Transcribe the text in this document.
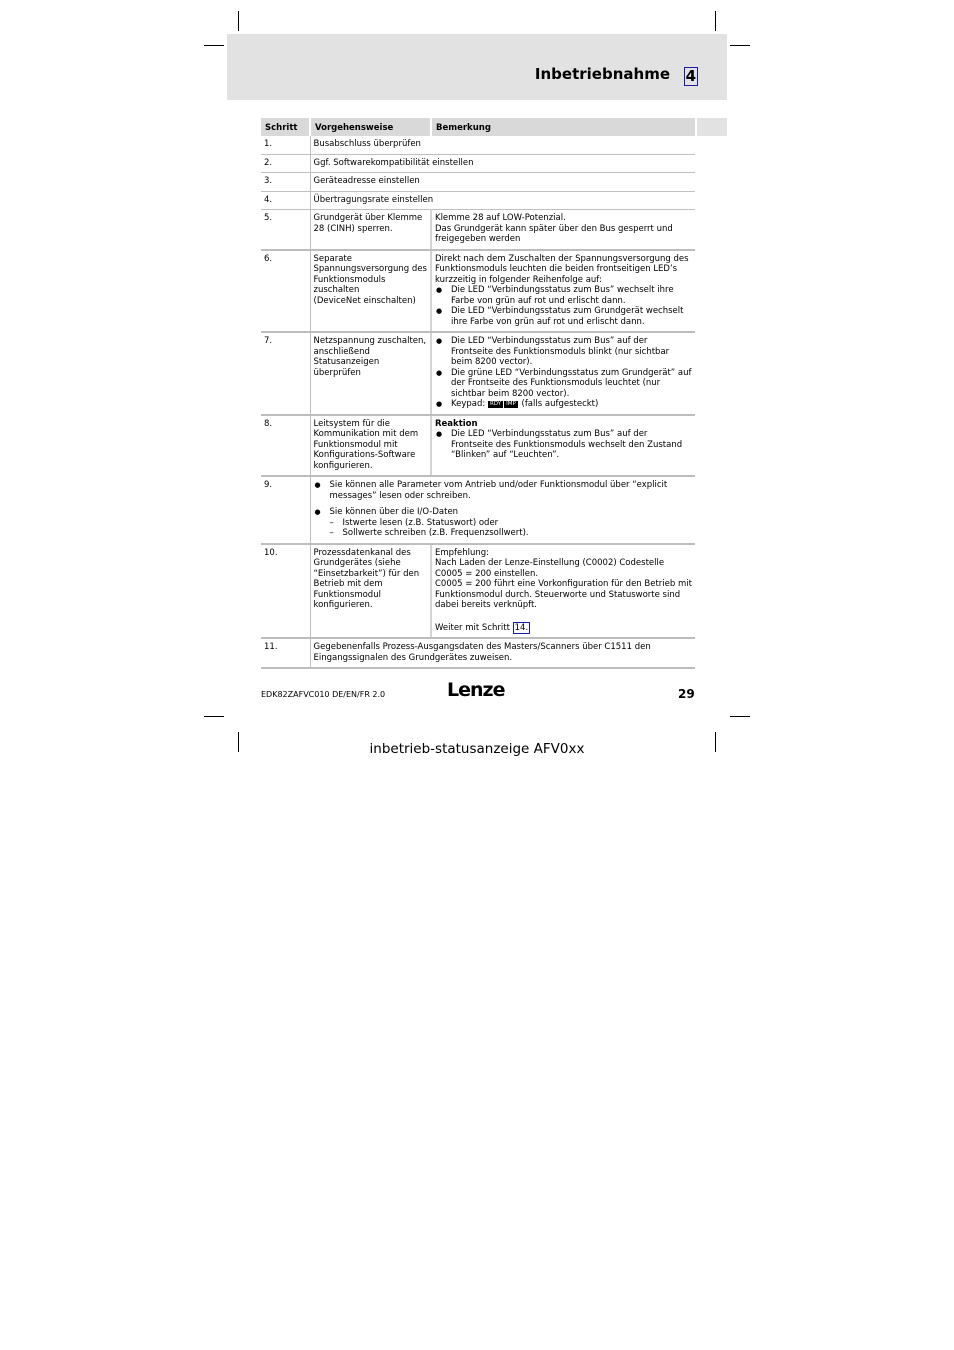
Inbetriebnahme 4
Schritt	Vorgehensweise	Bemerkung
1.	Busabschluss überprüfen	
2.	Ggf. Softwarekompatibilität einstellen	
3.	Geräteadresse einstellen	
4.	Übertragungsrate einstellen	
5.	Grundgerät über Klemme 28 (CINH) sperren.	Klemme 28 auf LOW-Potenzial.
Das Grundgerät kann später über den Bus gesperrt und freigegeben werden

6.	Separate Spannungsversorgung des Funktionsmoduls zuschalten
(DeviceNet einschalten)	Direkt nach dem Zuschalten der Spannungsversorgung des Funktionsmoduls leuchten die beiden frontseitigen LED’s kurzzeitig in folgender Reihenfolge auf:
● Die LED “Verbindungsstatus zum Bus” wechselt ihre Farbe von grün auf rot und erlischt dann.
● Die LED “Verbindungsstatus zum Grundgerät wechselt ihre Farbe von grün auf rot und erlischt dann.

7.	Netzspannung zuschalten, anschließend Statusanzeigen überprüfen	● Die LED “Verbindungsstatus zum Bus” auf der Frontseite des Funktionsmoduls blinkt (nur sichtbar beim 8200 vector).
● Die grüne LED “Verbindungsstatus zum Grundgerät” auf der Frontseite des Funktionsmoduls leuchtet (nur sichtbar beim 8200 vector).
● Keypad: RDY IMP (falls aufgesteckt)

8.	Leitsystem für die Kommunikation mit dem Funktionsmodul mit Konfigurations-Software konfigurieren.	Reaktion
● Die LED “Verbindungsstatus zum Bus” auf der Frontseite des Funktionsmoduls wechselt den Zustand “Blinken” auf “Leuchten”.

9.	● Sie können alle Parameter vom Antrieb und/oder Funktionsmodul über “explicit messages” lesen oder schreiben.
● Sie können über die I/O-Daten
– Istwerte lesen (z.B. Statuswort) oder
– Sollwerte schreiben (z.B. Frequenzsollwert).

10.	Prozessdatenkanal des Grundgerätes (siehe “Einsetzbarkeit”) für den Betrieb mit dem Funktionsmodul konfigurieren.	Empfehlung:
Nach Laden der Lenze-Einstellung (C0002) Codestelle C0005 = 200 einstellen.
C0005 = 200 führt eine Vorkonfiguration für den Betrieb mit Funktionsmodul durch. Steuerworte und Statusworte sind dabei bereits verknüpft.
Weiter mit Schritt 14.

11.	Gegebenenfalls Prozess-Ausgangsdaten des Masters/Scanners über C1511 den Eingangssignalen des Grundgerätes zuweisen.	
EDK82ZAFVC010 DE/EN/FR 2.0	Lenze	29
inbetrieb-statusanzeige AFV0xx
